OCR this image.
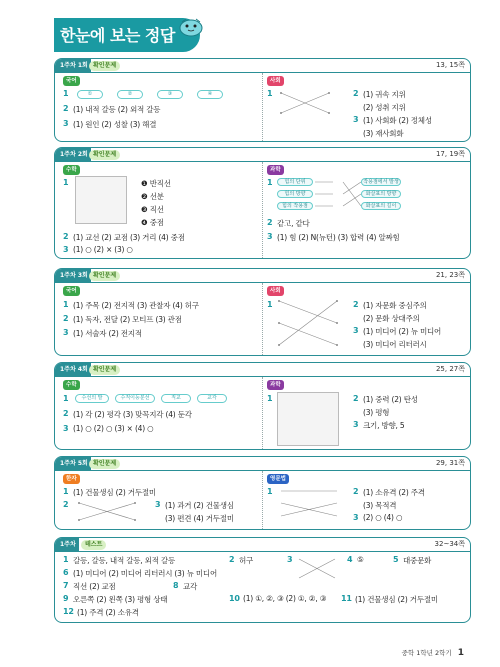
한눈에 보는 정답
1주차 1회 확인문제	13, 15쪽
국어
1	①	②	③	④
2 (1) 내적 갈등 (2) 외적 갈등
3 (1) 원인 (2) 성찰 (3) 해결
사회
1	2 (1) 귀속 지위
(2) 성취 지위
3 (1) 사회화 (2) 정체성
(3) 재사회화
1주차 2회 확인문제	17, 19쪽
수학
1	❶ 반직선
❷ 선분
❸ 직선
❹ 중점
2 (1) 교선 (2) 교점 (3) 거리 (4) 중점
3 (1) ○ (2) × (3) ○
과학
1	힘의 단위
힘의 방향
힘의 작용점
작용점에서 발생
화살표의 방향
화살표의 길이
2 같고, 같다
3 (1) 힘 (2) N(뉴턴) (3) 합력 (4) 알짜힘
1주차 3회 확인문제	21, 23쪽
국어
1 (1) 주목 (2) 전지적 (3) 관찰자 (4) 허구
2 (1) 독자, 전달 (2) 모티프 (3) 관점
3 (1) 서술자 (2) 전지적
사회
1	2 (1) 자문화 중심주의
(2) 문화 상대주의
3 (1) 미디어 (2) 뉴 미디어
(3) 미디어 리터러시
1주차 4회 확인문제	25, 27쪽
수학
1	수선의 발	수직이등분선	직교	교각
2 (1) 각 (2) 평각 (3) 맞꼭지각 (4) 둔각
3 (1) ○ (2) ○ (3) × (4) ○
과학
1	2 (1) 중력 (2) 탄성
(3) 평형
3 크기, 방향, 5
1주차 5회 확인문제	29, 31쪽
한자
1 (1) 건물생심 (2) 거두절미
2	3 (1) 과거 (2) 건물생심
(3) 편견 (4) 거두절미
영문법
1	2 (1) 소유격 (2) 주격
(3) 목적격
3 (2) ○ (4) ○
1주차	테스트	32~34쪽
1 갈등, 갈등, 내적 갈등, 외적 갈등	2 허구	3	4 ⑤	5 대중문화
6 (1) 미디어 (2) 미디어 리터러시 (3) 뉴 미디어
7 직선 (2) 교점	8 교각
9 오른쪽 (2) 왼쪽 (3) 평형 상태	10 (1) ①, ②, ③ (2) ①, ②, ③ 11 (1) 건물생심 (2) 거두절미
12 (1) 주격 (2) 소유격
중학 1학년 2학기 1
